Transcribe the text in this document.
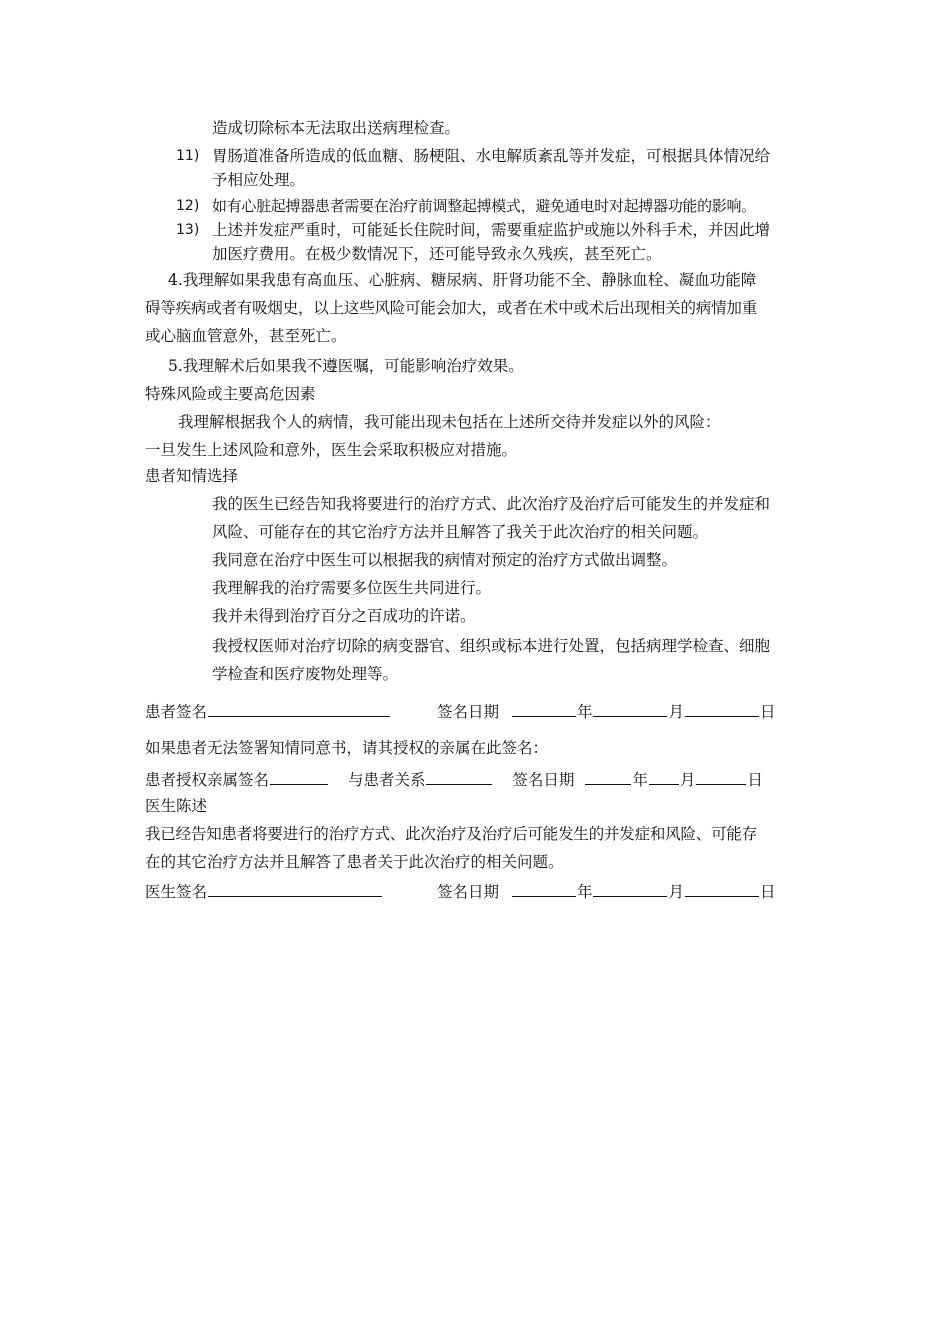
造成切除标本无法取出送病理检查。
11) 胃肠道准备所造成的低血糖、肠梗阻、水电解质紊乱等并发症，可根据具体情况给
予相应处理。
12) 如有心脏起搏器患者需要在治疗前调整起搏模式，避免通电时对起搏器功能的影响。
13) 上述并发症严重时，可能延长住院时间，需要重症监护或施以外科手术，并因此增
加医疗费用。在极少数情况下，还可能导致永久残疾，甚至死亡。
4.我理解如果我患有高血压、心脏病、糖尿病、肝肾功能不全、静脉血栓、凝血功能障
碍等疾病或者有吸烟史，以上这些风险可能会加大，或者在术中或术后出现相关的病情加重
或心脑血管意外，甚至死亡。
5.我理解术后如果我不遵医嘱，可能影响治疗效果。
特殊风险或主要高危因素
我理解根据我个人的病情，我可能出现未包括在上述所交待并发症以外的风险：
一旦发生上述风险和意外，医生会采取积极应对措施。
患者知情选择
我的医生已经告知我将要进行的治疗方式、此次治疗及治疗后可能发生的并发症和
风险、可能存在的其它治疗方法并且解答了我关于此次治疗的相关问题。
我同意在治疗中医生可以根据我的病情对预定的治疗方式做出调整。
我理解我的治疗需要多位医生共同进行。
我并未得到治疗百分之百成功的许诺。
我授权医师对治疗切除的病变器官、组织或标本进行处置，包括病理学检查、细胞
学检查和医疗废物处理等。
患者签名	签名日期	年	月	日
如果患者无法签署知情同意书，请其授权的亲属在此签名：
患者授权亲属签名	与患者关系	签名日期	年 月	日
医生陈述
我已经告知患者将要进行的治疗方式、此次治疗及治疗后可能发生的并发症和风险、可能存
在的其它治疗方法并且解答了患者关于此次治疗的相关问题。
医生签名	签名日期	年	月	日
